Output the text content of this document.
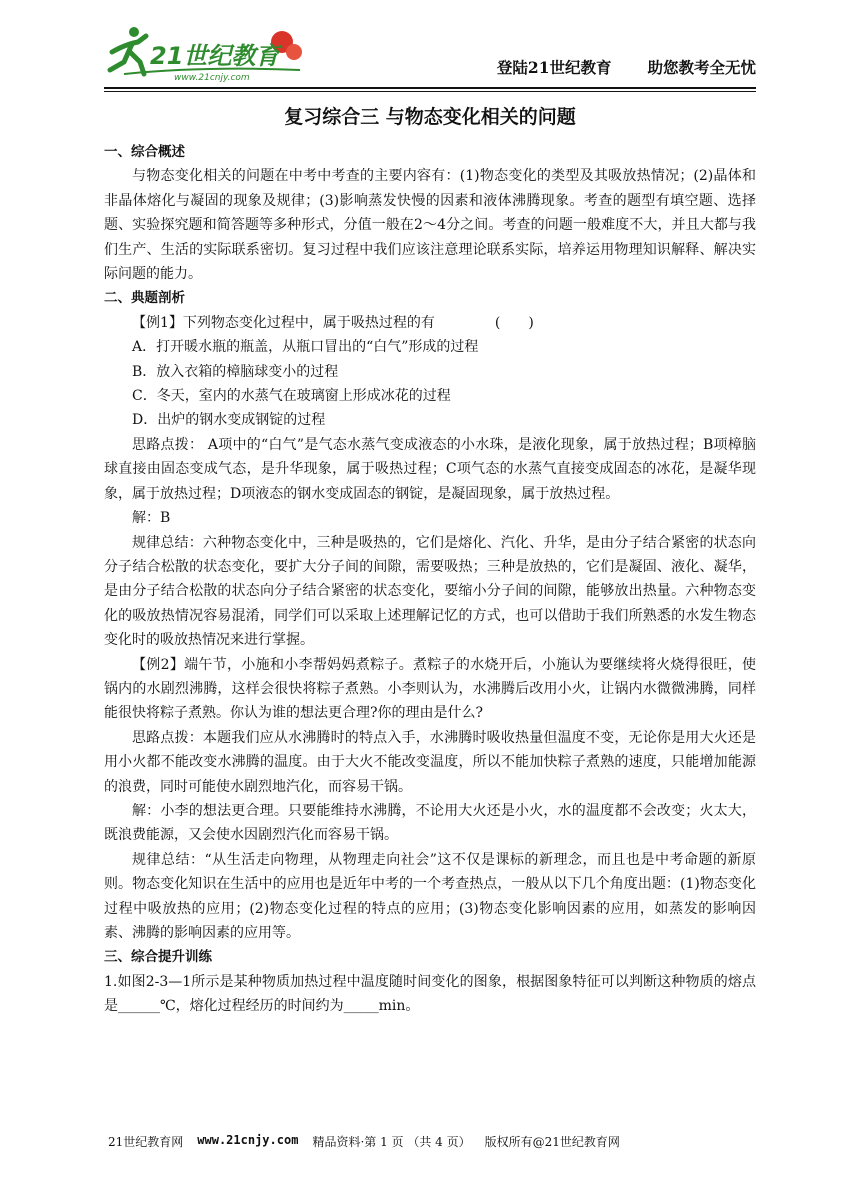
21世纪教育
www.21cnjy.com
登陆21世纪教育 助您教考全无忧
复习综合三 与物态变化相关的问题
一、综合概述

与物态变化相关的问题在中考中考查的主要内容有：(1)物态变化的类型及其吸放热情况；(2)晶体和非晶体熔化与凝固的现象及规律；(3)影响蒸发快慢的因素和液体沸腾现象。考查的题型有填空题、选择题、实验探究题和简答题等多种形式，分值一般在2～4分之间。考查的问题一般难度不大，并且大都与我们生产、生活的实际联系密切。复习过程中我们应该注意理论联系实际，培养运用物理知识解释、解决实际问题的能力。

二、典题剖析
【例1】下列物态变化过程中，属于吸热过程的有	(　　)

A．打开暖水瓶的瓶盖，从瓶口冒出的“白气”形成的过程

B．放入衣箱的樟脑球变小的过程

C．冬天，室内的水蒸气在玻璃窗上形成冰花的过程

D．出炉的钢水变成钢锭的过程

思路点拨： A项中的“白气”是气态水蒸气变成液态的小水珠，是液化现象，属于放热过程；B项樟脑球直接由固态变成气态，是升华现象，属于吸热过程；C项气态的水蒸气直接变成固态的冰花，是凝华现象，属于放热过程；D项液态的钢水变成固态的钢锭，是凝固现象，属于放热过程。

解：B

规律总结：六种物态变化中，三种是吸热的，它们是熔化、汽化、升华，是由分子结合紧密的状态向分子结合松散的状态变化，要扩大分子间的间隙，需要吸热；三种是放热的，它们是凝固、液化、凝华，是由分子结合松散的状态向分子结合紧密的状态变化，要缩小分子间的间隙，能够放出热量。六种物态变化的吸放热情况容易混淆，同学们可以采取上述理解记忆的方式，也可以借助于我们所熟悉的水发生物态变化时的吸放热情况来进行掌握。

【例2】端午节，小施和小李帮妈妈煮粽子。煮粽子的水烧开后，小施认为要继续将火烧得很旺，使锅内的水剧烈沸腾，这样会很快将粽子煮熟。小李则认为，水沸腾后改用小火，让锅内水微微沸腾，同样能很快将粽子煮熟。你认为谁的想法更合理?你的理由是什么?

思路点拨：本题我们应从水沸腾时的特点入手，水沸腾时吸收热量但温度不变，无论你是用大火还是用小火都不能改变水沸腾的温度。由于大火不能改变温度，所以不能加快粽子煮熟的速度，只能增加能源的浪费，同时可能使水剧烈地汽化，而容易干锅。

解：小李的想法更合理。只要能维持水沸腾，不论用大火还是小火，水的温度都不会改变；火太大，既浪费能源，又会使水因剧烈汽化而容易干锅。

规律总结：“从生活走向物理，从物理走向社会”这不仅是课标的新理念，而且也是中考命题的新原则。物态变化知识在生活中的应用也是近年中考的一个考查热点，一般从以下几个角度出题：(1)物态变化过程中吸放热的应用；(2)物态变化过程的特点的应用；(3)物态变化影响因素的应用，如蒸发的影响因素、沸腾的影响因素的应用等。

三、综合提升训练

1.如图2-3—1所示是某种物质加热过程中温度随时间变化的图象，根据图象特征可以判断这种物质的熔点是______℃，熔化过程经历的时间约为_____min。

21世纪教育网 www.21cnjy.com 精品资料·第 1 页 （共 4 页） 版权所有@21世纪教育网
